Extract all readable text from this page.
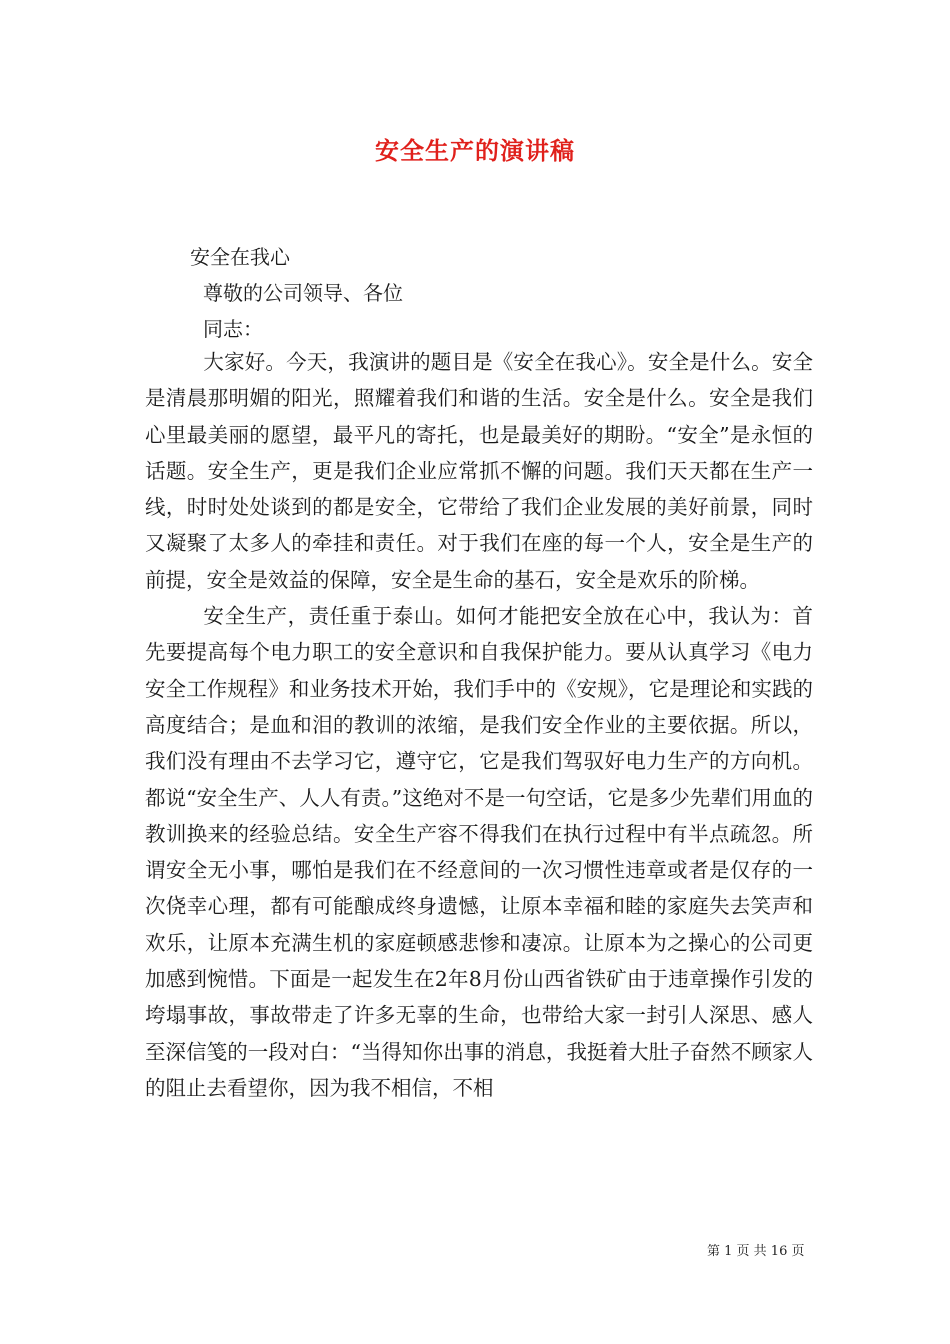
安全生产的演讲稿
安全在我心
尊敬的公司领导、各位
同志：

大家好。今天，我演讲的题目是《安全在我心》。安全是什么。安全是清晨那明媚的阳光，照耀着我们和谐的生活。安全是什么。安全是我们心里最美丽的愿望，最平凡的寄托，也是最美好的期盼。“安全”是永恒的话题。安全生产，更是我们企业应常抓不懈的问题。我们天天都在生产一线，时时处处谈到的都是安全，它带给了我们企业发展的美好前景，同时又凝聚了太多人的牵挂和责任。对于我们在座的每一个人，安全是生产的前提，安全是效益的保障，安全是生命的基石，安全是欢乐的阶梯。

安全生产，责任重于泰山。如何才能把安全放在心中，我认为：首先要提高每个电力职工的安全意识和自我保护能力。要从认真学习《电力安全工作规程》和业务技术开始，我们手中的《安规》，它是理论和实践的高度结合；是血和泪的教训的浓缩，是我们安全作业的主要依据。所以，我们没有理由不去学习它，遵守它，它是我们驾驭好电力生产的方向机。都说“安全生产、人人有责。”这绝对不是一句空话，它是多少先辈们用血的教训换来的经验总结。安全生产容不得我们在执行过程中有半点疏忽。所谓安全无小事，哪怕是我们在不经意间的一次习惯性违章或者是仅存的一次侥幸心理，都有可能酿成终身遗憾，让原本幸福和睦的家庭失去笑声和欢乐，让原本充满生机的家庭顿感悲惨和凄凉。让原本为之操心的公司更加感到惋惜。下面是一起发生在2年8月份山西省铁矿由于违章操作引发的垮塌事故，事故带走了许多无辜的生命，也带给大家一封引人深思、感人至深信笺的一段对白：“当得知你出事的消息，我挺着大肚子奋然不顾家人的阻止去看望你，因为我不相信，不相

第 1 页 共 16 页
